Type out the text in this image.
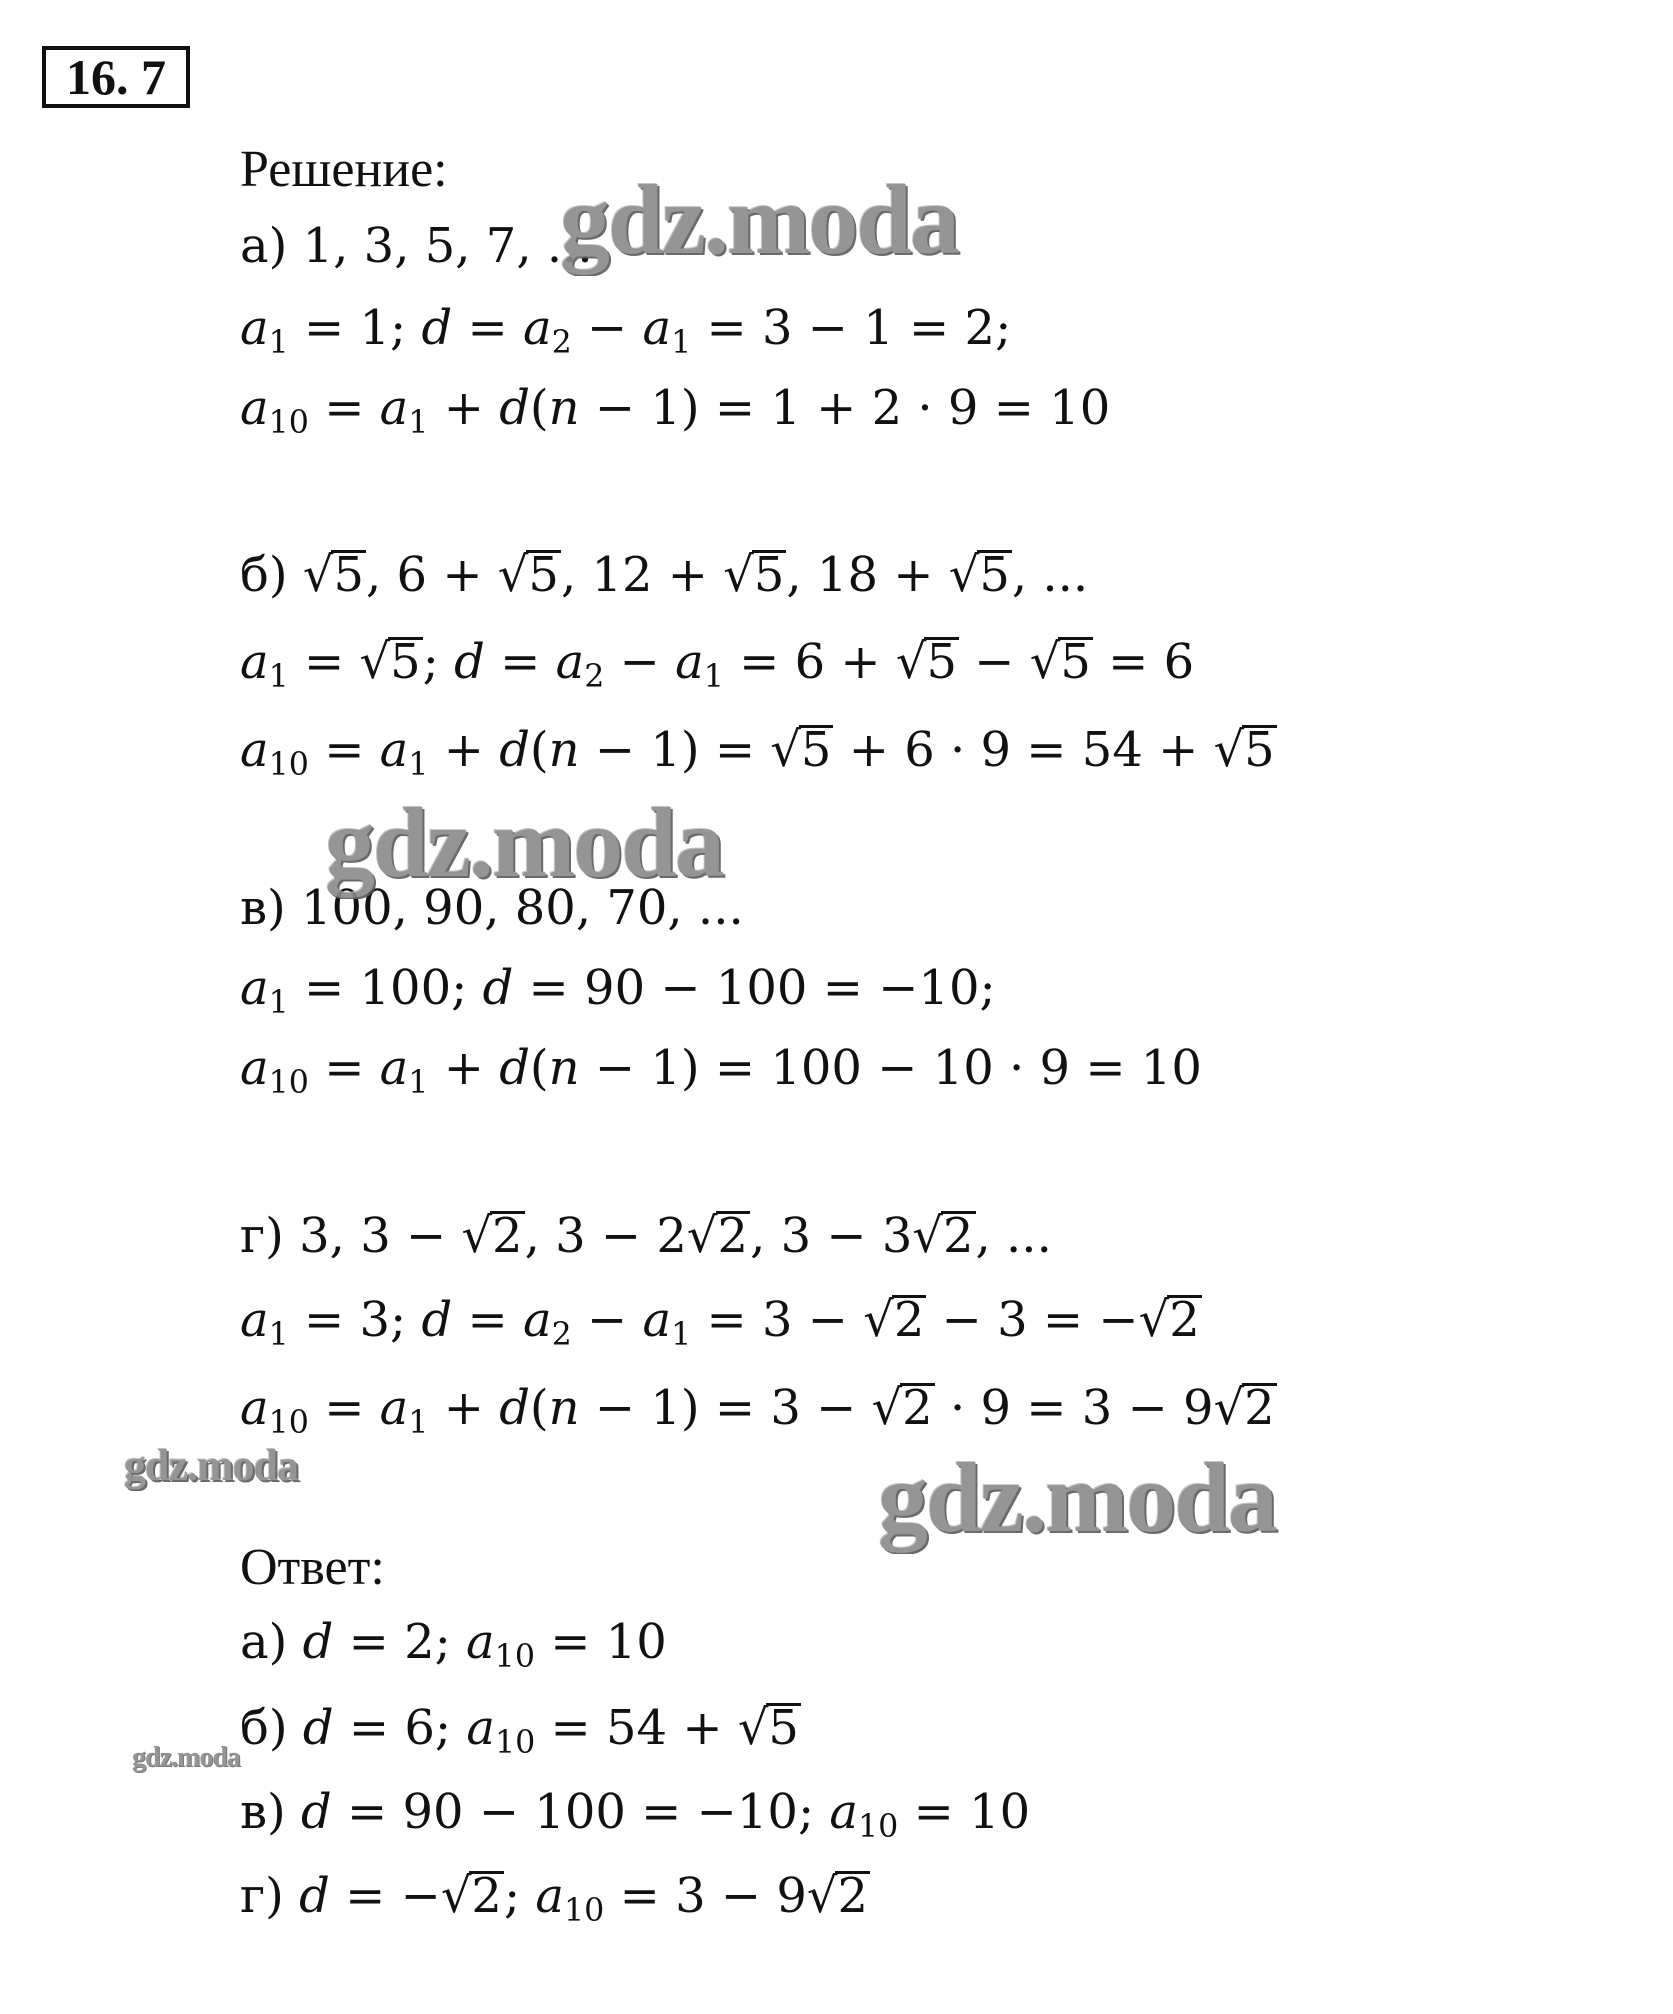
16. 7
Решение:
а) 1, 3, 5, 7, ...
$a_1 = 1$; $d = a_2 - a_1 = 3 - 1 = 2$;
$a_{10} = a_1 + d(n - 1) = 1 + 2 \cdot 9 = 10$
б) √5, 6 + √5, 12 + √5, 18 + √5, ...
$a_1 = √5$; $d = a_2 - a_1 = 6 + √5 - √5 = 6$
$a_{10} = a_1 + d(n - 1) = √5 + 6 \cdot 9 = 54 + √5$
в) 100, 90, 80, 70, ...
$a_1 = 100$; d = 90 − 100 = −10;
$a_{10} = a_1 + d(n - 1) = 100 - 10 \cdot 9 = 10$
г) 3, 3 − √2, 3 − 2√2, 3 − 3√2, ...
$a_1 = 3$; $d = a_2 - a_1 = 3 - √2 - 3 = -√2$
$a_{10} = a_1 + d(n - 1) = 3 - √2 \cdot 9 = 3 - 9√2$
Ответ:
а) d = 2; $a_{10} = 10$
б) d = 6; $a_{10} = 54 + √5$
в) d = 90 − 100 = −10; $a_{10} = 10$
г) d = −√2; $a_{10} = 3 - 9√2$
gdz.moda
gdz.moda
gdz.moda
gdz.moda
gdz.moda
